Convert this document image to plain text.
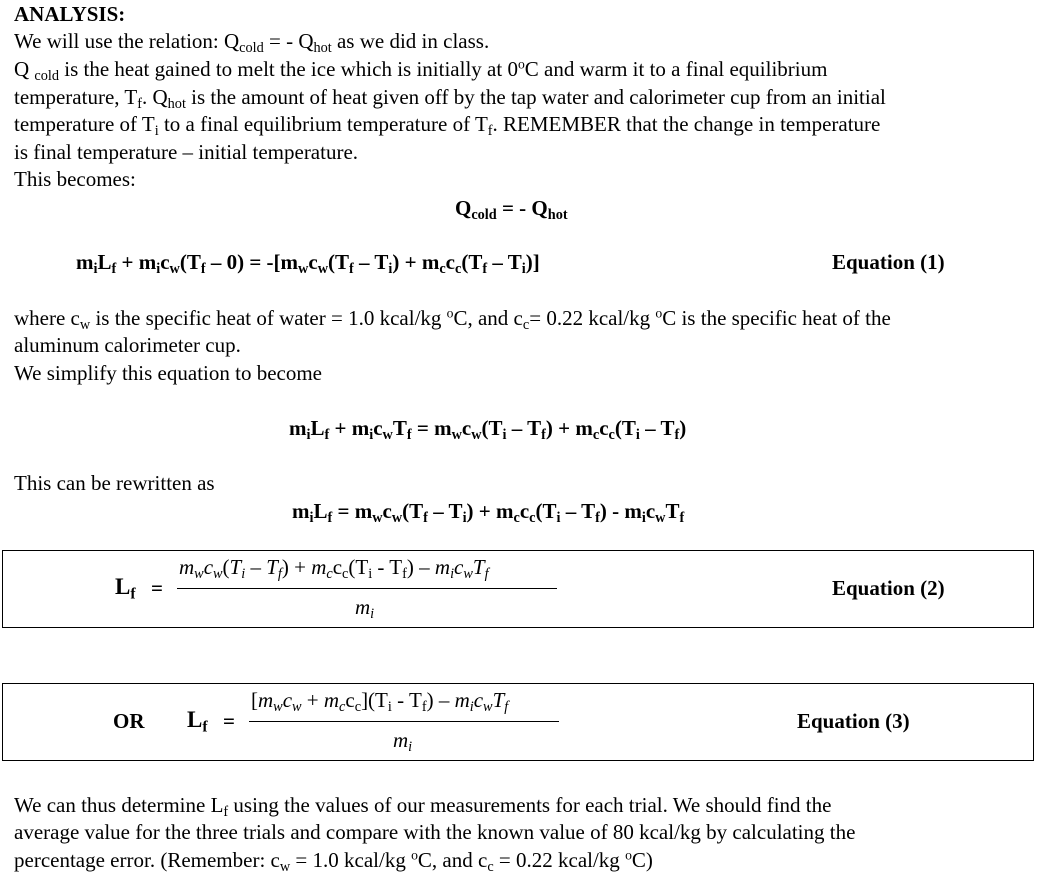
ANALYSIS:
We will use the relation: $Q_{cold}$ = - $Q_{hot}$ as we did in class.
Q $_{cold}$ is the heat gained to melt the ice which is initially at 0$^o$C and warm it to a final equilibrium
temperature, $T_f$. $Q_{hot}$ is the amount of heat given off by the tap water and calorimeter cup from an initial
temperature of $T_i$ to a final equilibrium temperature of $T_f$. REMEMBER that the change in temperature
is final temperature – initial temperature.
This becomes:
$Q_{cold}$ = - $Q_{hot}$
$m_iL_f + m_ic_w(T_f - 0) = -[m_wc_w(T_f - T_i) + m_cc_c(T_f - T_i)]$	Equation (1)
where $c_w$ is the specific heat of water = 1.0 kcal/kg $^o$C, and $c_c= 0.22$ kcal/kg $^o$C is the specific heat of the
aluminum calorimeter cup.
We simplify this equation to become
$m_iL_f + m_ic_wT_f = m_wc_w(T_i - T_f) + m_cc_c(T_i - T_f)$
This can be rewritten as
$m_iL_f = m_wc_w(T_f - T_i) + m_cc_c(T_i - T_f) - m_ic_wT_f$
$L_f$ =
$m_wc_w(T_i - T_f) + m_cc_c(T_i - T_f) - m_ic_wT_f$
$m_i$
Equation (2)
OR $L_f$ =
$[m_wc_w + m_cc_c](T_i - T_f) - m_ic_wT_f$
$m_i$
Equation (3)
We can thus determine $L_f$ using the values of our measurements for each trial. We should find the
average value for the three trials and compare with the known value of 80 kcal/kg by calculating the
percentage error. (Remember: $c_w = 1.0$ kcal/kg $^o$C, and $c_c = 0.22$ kcal/kg $^o$C)
